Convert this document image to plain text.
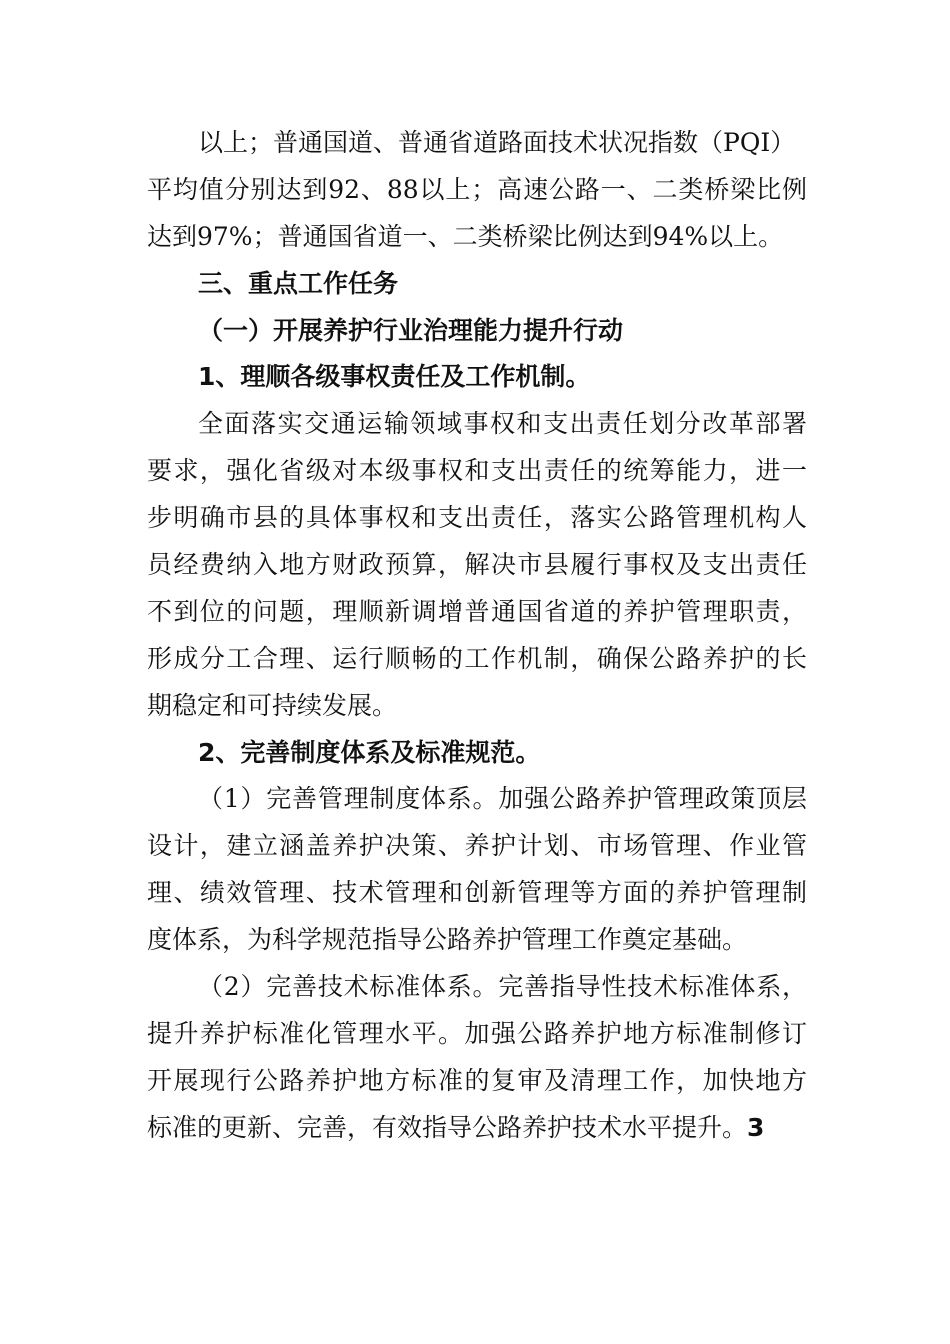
以上；普通国道、普通省道路面技术状况指数（PQI）
平均值分别达到92、88以上；高速公路一、二类桥梁比例
达到97%；普通国省道一、二类桥梁比例达到94%以上。
三、重点工作任务
（一）开展养护行业治理能力提升行动
1、理顺各级事权责任及工作机制。
全面落实交通运输领域事权和支出责任划分改革部署
要求，强化省级对本级事权和支出责任的统筹能力，进一
步明确市县的具体事权和支出责任，落实公路管理机构人
员经费纳入地方财政预算，解决市县履行事权及支出责任
不到位的问题，理顺新调增普通国省道的养护管理职责，
形成分工合理、运行顺畅的工作机制，确保公路养护的长
期稳定和可持续发展。
2、完善制度体系及标准规范。
（1）完善管理制度体系。加强公路养护管理政策顶层
设计，建立涵盖养护决策、养护计划、市场管理、作业管
理、绩效管理、技术管理和创新管理等方面的养护管理制
度体系，为科学规范指导公路养护管理工作奠定基础。
（2）完善技术标准体系。完善指导性技术标准体系，
提升养护标准化管理水平。加强公路养护地方标准制修订
开展现行公路养护地方标准的复审及清理工作，加快地方
标准的更新、完善，有效指导公路养护技术水平提升。3
